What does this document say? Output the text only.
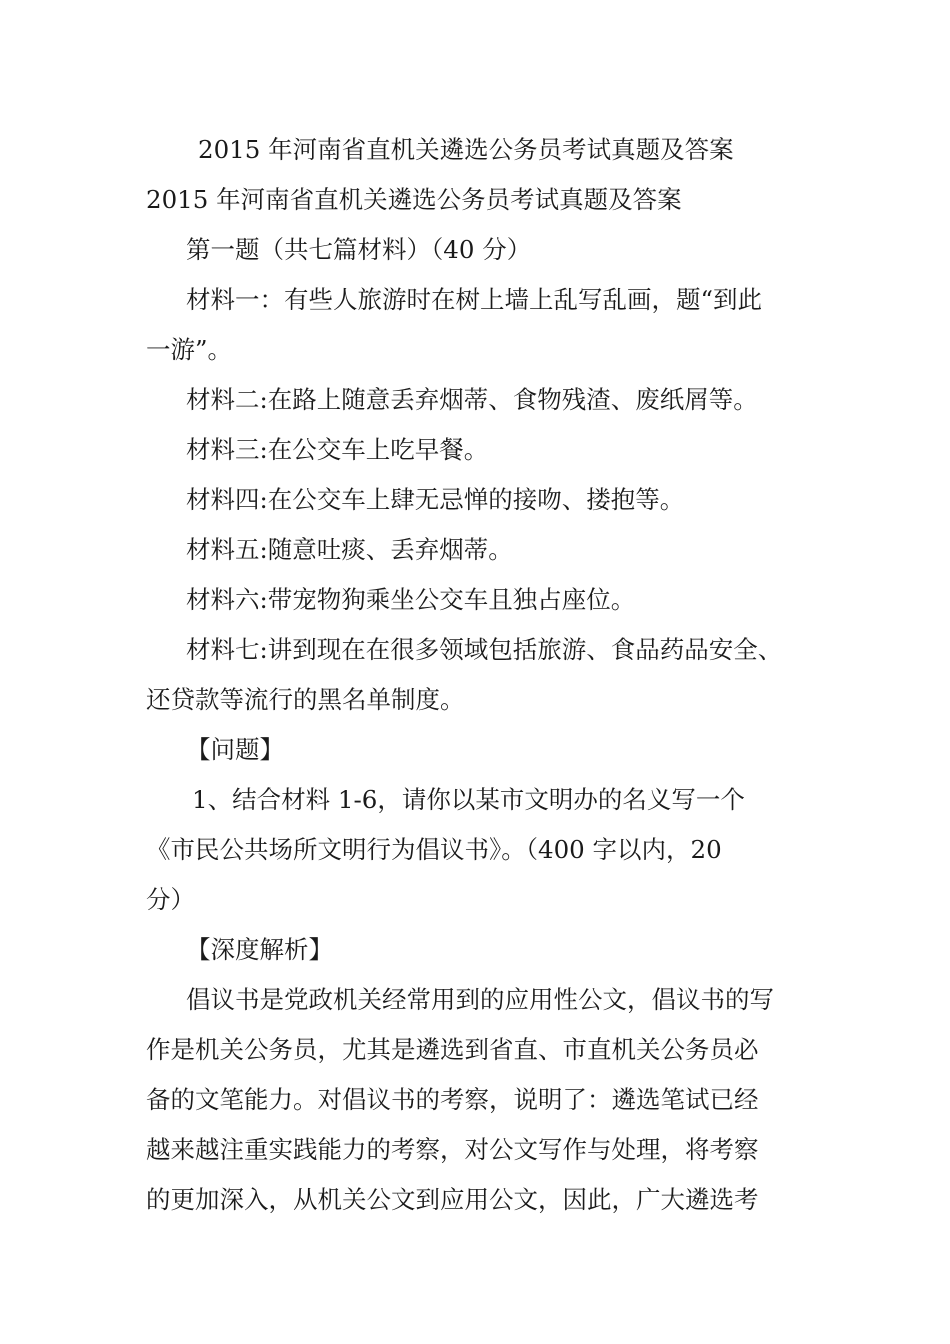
2015 年河南省直机关遴选公务员考试真题及答案

2015 年河南省直机关遴选公务员考试真题及答案

第一题（共七篇材料）（40 分）

材料一：有些人旅游时在树上墙上乱写乱画，题“到此

一游”。

材料二:在路上随意丢弃烟蒂、食物残渣、废纸屑等。

材料三:在公交车上吃早餐。

材料四:在公交车上肆无忌惮的接吻、搂抱等。

材料五:随意吐痰、丢弃烟蒂。

材料六:带宠物狗乘坐公交车且独占座位。

材料七:讲到现在在很多领域包括旅游、食品药品安全、

还贷款等流行的黑名单制度。

【问题】

1、结合材料 1-6，请你以某市文明办的名义写一个

《市民公共场所文明行为倡议书》。（400 字以内，20

分）

【深度解析】

倡议书是党政机关经常用到的应用性公文，倡议书的写

作是机关公务员，尤其是遴选到省直、市直机关公务员必

备的文笔能力。对倡议书的考察，说明了：遴选笔试已经

越来越注重实践能力的考察，对公文写作与处理，将考察

的更加深入，从机关公文到应用公文，因此，广大遴选考
